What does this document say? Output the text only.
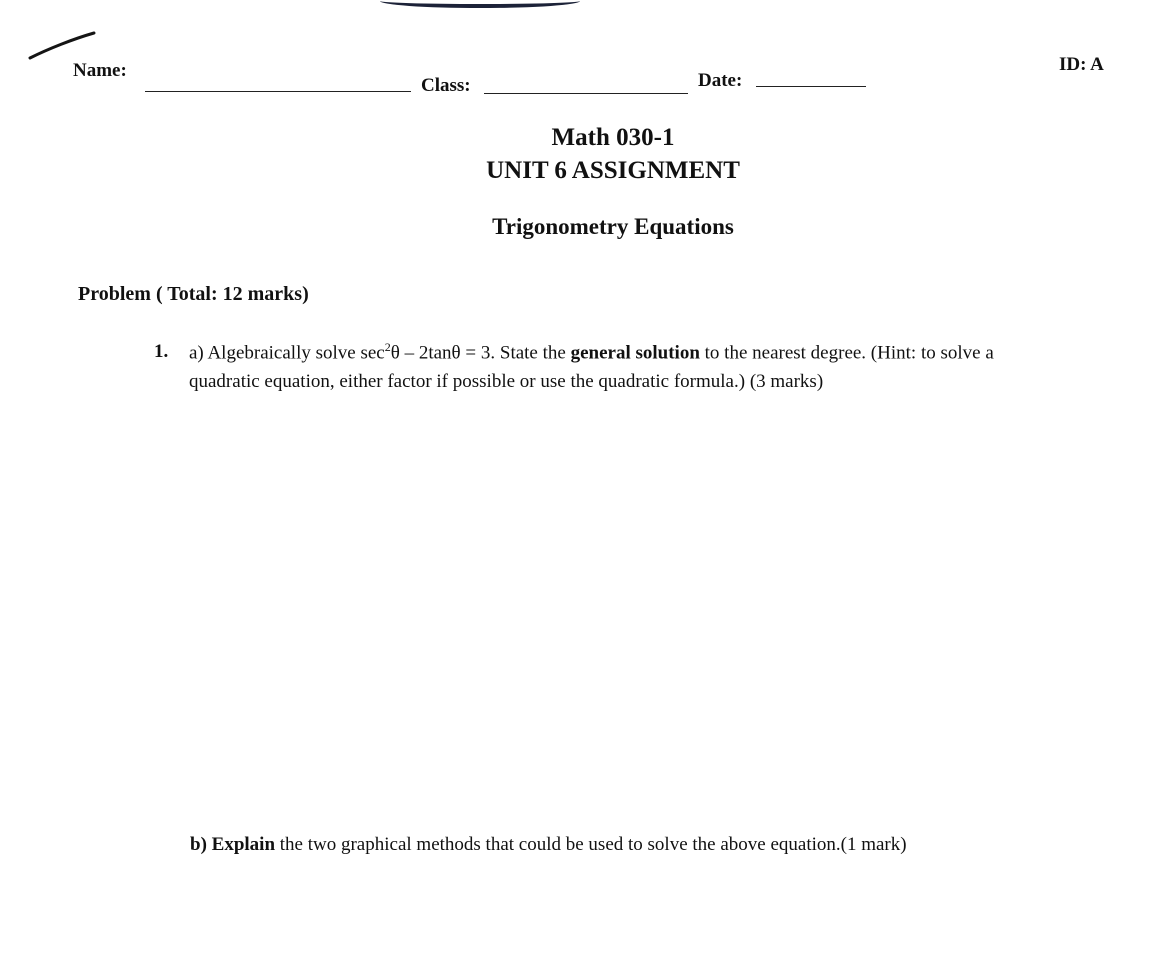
Name:
Class:	Date:
ID: A
Math 030-1
UNIT 6 ASSIGNMENT
Trigonometry Equations
Problem ( Total: 12 marks)
1. a) Algebraically solve $\sec^2\theta - 2\tan\theta = 3$. State the general solution to the nearest degree. (Hint: to solve a
quadratic equation, either factor if possible or use the quadratic formula.) (3 marks)
b) Explain the two graphical methods that could be used to solve the above equation.(1 mark)
